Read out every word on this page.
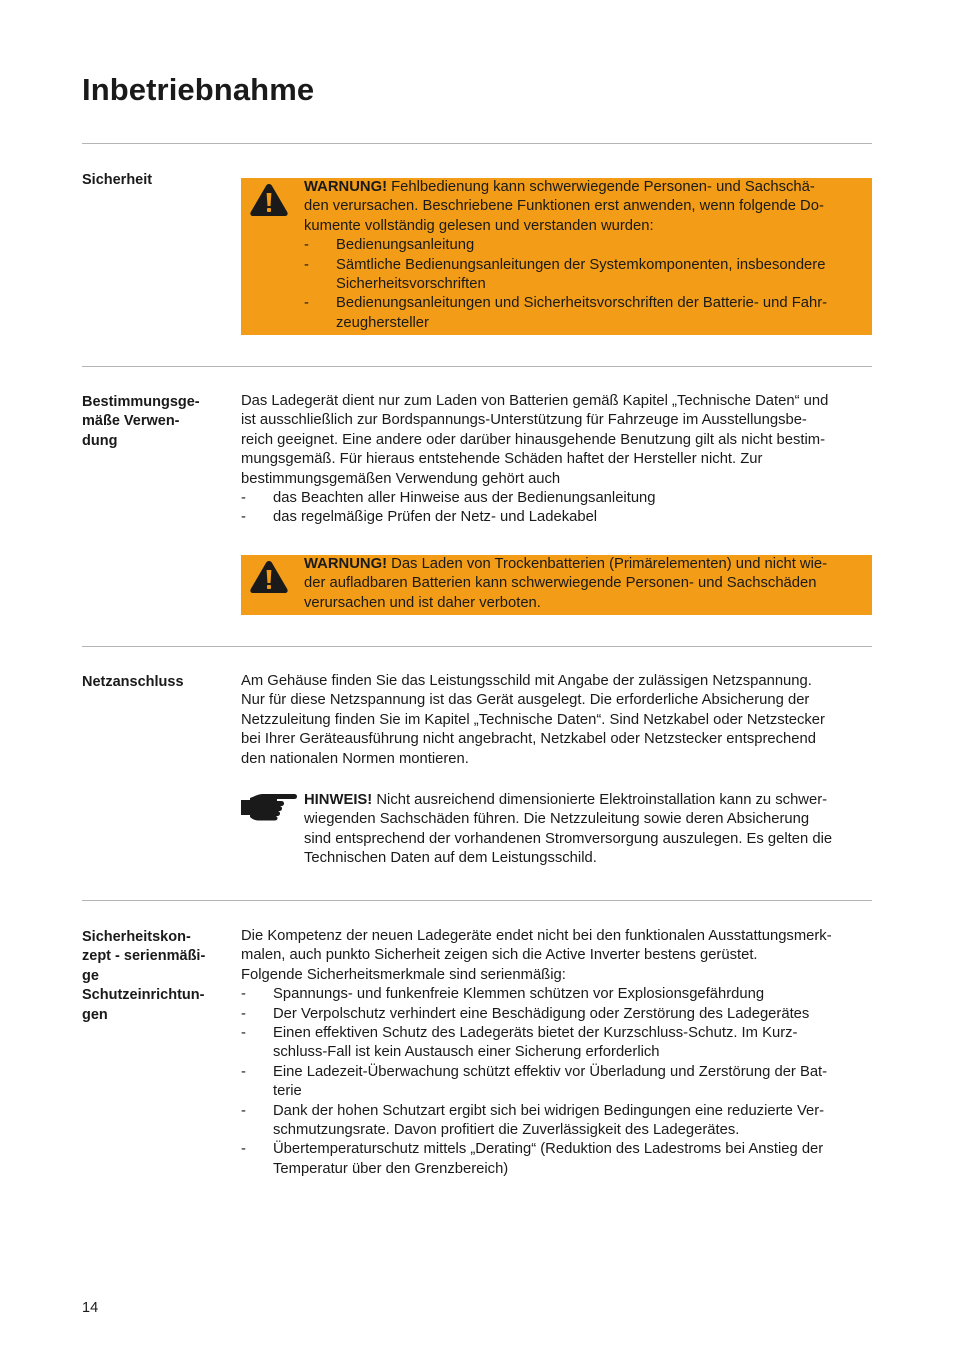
Inbetriebnahme
Sicherheit	WARNUNG! Fehlbedienung kann schwerwiegende Personen- und Sachschä-
den verursachen. Beschriebene Funktionen erst anwenden, wenn folgende Do-
kumente vollständig gelesen und verstanden wurden:
- Bedienungsanleitung
- Sämtliche Bedienungsanleitungen der Systemkomponenten, insbesondere
Sicherheitsvorschriften
- Bedienungsanleitungen und Sicherheitsvorschriften der Batterie- und Fahr-
zeughersteller
Bestimmungsge-
mäße Verwen-
dung

Das Ladegerät dient nur zum Laden von Batterien gemäß Kapitel „Technische Daten“ und
ist ausschließlich zur Bordspannungs-Unterstützung für Fahrzeuge im Ausstellungsbe-
reich geeignet. Eine andere oder darüber hinausgehende Benutzung gilt als nicht bestim-
mungsgemäß. Für hieraus entstehende Schäden haftet der Hersteller nicht. Zur
bestimmungsgemäßen Verwendung gehört auch

- das Beachten aller Hinweise aus der Bedienungsanleitung
- das regelmäßige Prüfen der Netz- und Ladekabel
WARNUNG! Das Laden von Trockenbatterien (Primärelementen) und nicht wie-
der aufladbaren Batterien kann schwerwiegende Personen- und Sachschäden
verursachen und ist daher verboten.
Netzanschluss	Am Gehäuse finden Sie das Leistungsschild mit Angabe der zulässigen Netzspannung.
Nur für diese Netzspannung ist das Gerät ausgelegt. Die erforderliche Absicherung der
Netzzuleitung finden Sie im Kapitel „Technische Daten“. Sind Netzkabel oder Netzstecker
bei Ihrer Geräteausführung nicht angebracht, Netzkabel oder Netzstecker entsprechend
den nationalen Normen montieren.

HINWEIS! Nicht ausreichend dimensionierte Elektroinstallation kann zu schwer-
wiegenden Sachschäden führen. Die Netzzuleitung sowie deren Absicherung
sind entsprechend der vorhandenen Stromversorgung auszulegen. Es gelten die
Technischen Daten auf dem Leistungsschild.
Sicherheitskon-
zept - serienmäßi-
ge
Schutzeinrichtun-
gen

Die Kompetenz der neuen Ladegeräte endet nicht bei den funktionalen Ausstattungsmerk-
malen, auch punkto Sicherheit zeigen sich die Active Inverter bestens gerüstet.
Folgende Sicherheitsmerkmale sind serienmäßig:

- Spannungs- und funkenfreie Klemmen schützen vor Explosionsgefährdung
- Der Verpolschutz verhindert eine Beschädigung oder Zerstörung des Ladegerätes
- Einen effektiven Schutz des Ladegeräts bietet der Kurzschluss-Schutz. Im Kurz-
schluss-Fall ist kein Austausch einer Sicherung erforderlich
- Eine Ladezeit-Überwachung schützt effektiv vor Überladung und Zerstörung der Bat-
terie
- Dank der hohen Schutzart ergibt sich bei widrigen Bedingungen eine reduzierte Ver-
schmutzungsrate. Davon profitiert die Zuverlässigkeit des Ladegerätes.
- Übertemperaturschutz mittels „Derating“ (Reduktion des Ladestroms bei Anstieg der
Temperatur über den Grenzbereich)
14
